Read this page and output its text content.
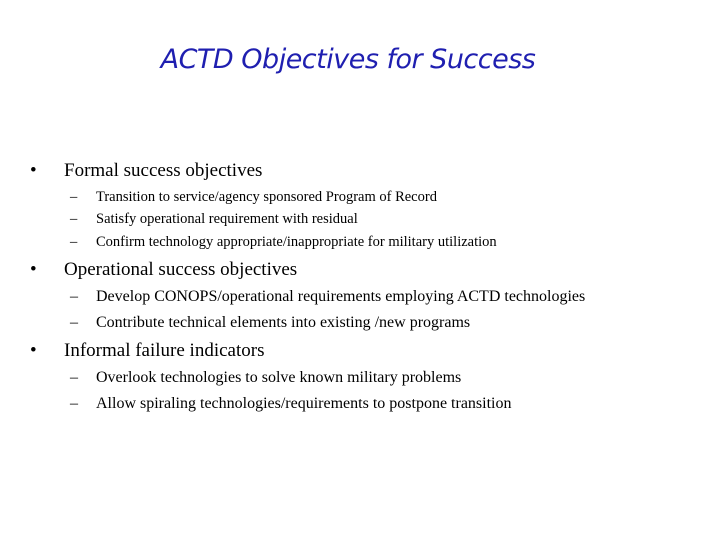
ACTD Objectives for Success
• Formal success objectives
– Transition to service/agency sponsored Program of Record
– Satisfy operational requirement with residual
– Confirm technology appropriate/inappropriate for military utilization
• Operational success objectives
– Develop CONOPS/operational requirements employing ACTD technologies
– Contribute technical elements into existing /new programs
• Informal failure indicators
– Overlook technologies to solve known military problems
– Allow spiraling technologies/requirements to postpone transition
